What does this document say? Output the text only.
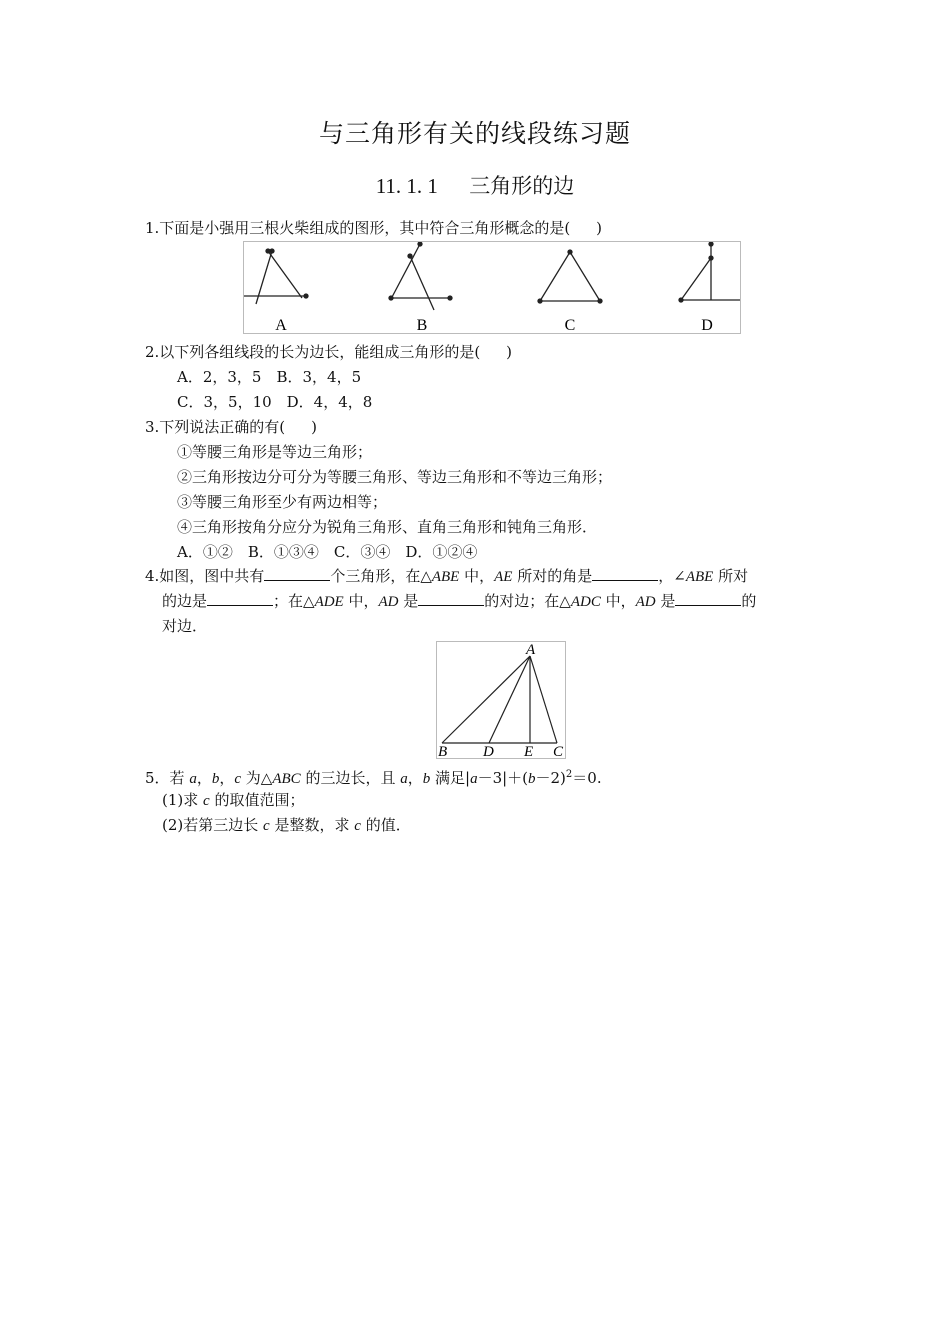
与三角形有关的线段练习题
11. 1. 1 三角形的边
1.下面是小强用三根火柴组成的图形，其中符合三角形概念的是( )
A	B	C	D
2.以下列各组线段的长为边长，能组成三角形的是( )
A．2，3，5　B．3，4，5
C．3，5，10　D．4，4，8
3.下列说法正确的有( )
①等腰三角形是等边三角形；
②三角形按边分可分为等腰三角形、等边三角形和不等边三角形；
③等腰三角形至少有两边相等；
④三角形按角分应分为锐角三角形、直角三角形和钝角三角形．
A．①②　B．①③④　C．③④　D．①②④
4.如图，图中共有	个三角形，在△ABE 中，AE 所对的角是	，∠ABE 所对
的边是	；在△ADE 中，AD 是	的对边；在△ADC 中，AD 是	的
对边．
A
B D E C
5．若 a，b，c 为△ABC 的三边长，且 a，b 满足$|a-3|+(b-2)^2=0$.
(1)求 c 的取值范围；
(2)若第三边长 c 是整数，求 c 的值．
